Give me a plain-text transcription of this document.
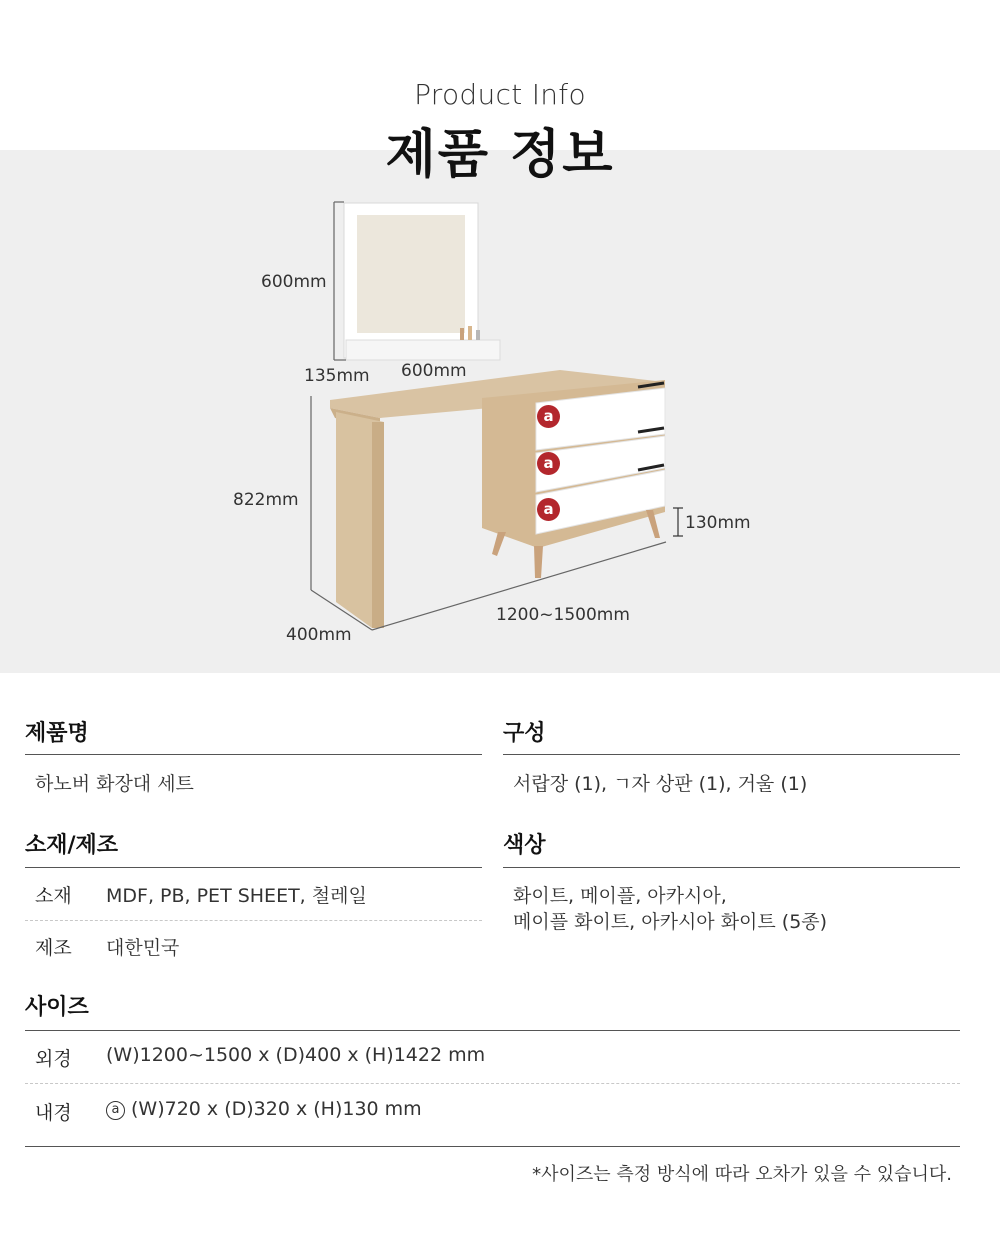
Product Info
제품 정보
600mm
135mm 600mm
822mm
130mm
400mm
1200~1500mm
a
a
a
제품명
하노버 화장대 세트
구성
서랍장 (1), ㄱ자 상판 (1), 거울 (1)
소재/제조
소재 MDF, PB, PET SHEET, 철레일
제조 대한민국
색상
화이트, 메이플, 아카시아,
메이플 화이트, 아카시아 화이트 (5종)
사이즈
외경 (W)1200~1500 x (D)400 x (H)1422 mm
내경	a (W)720 x (D)320 x (H)130 mm
*사이즈는 측정 방식에 따라 오차가 있을 수 있습니다.
